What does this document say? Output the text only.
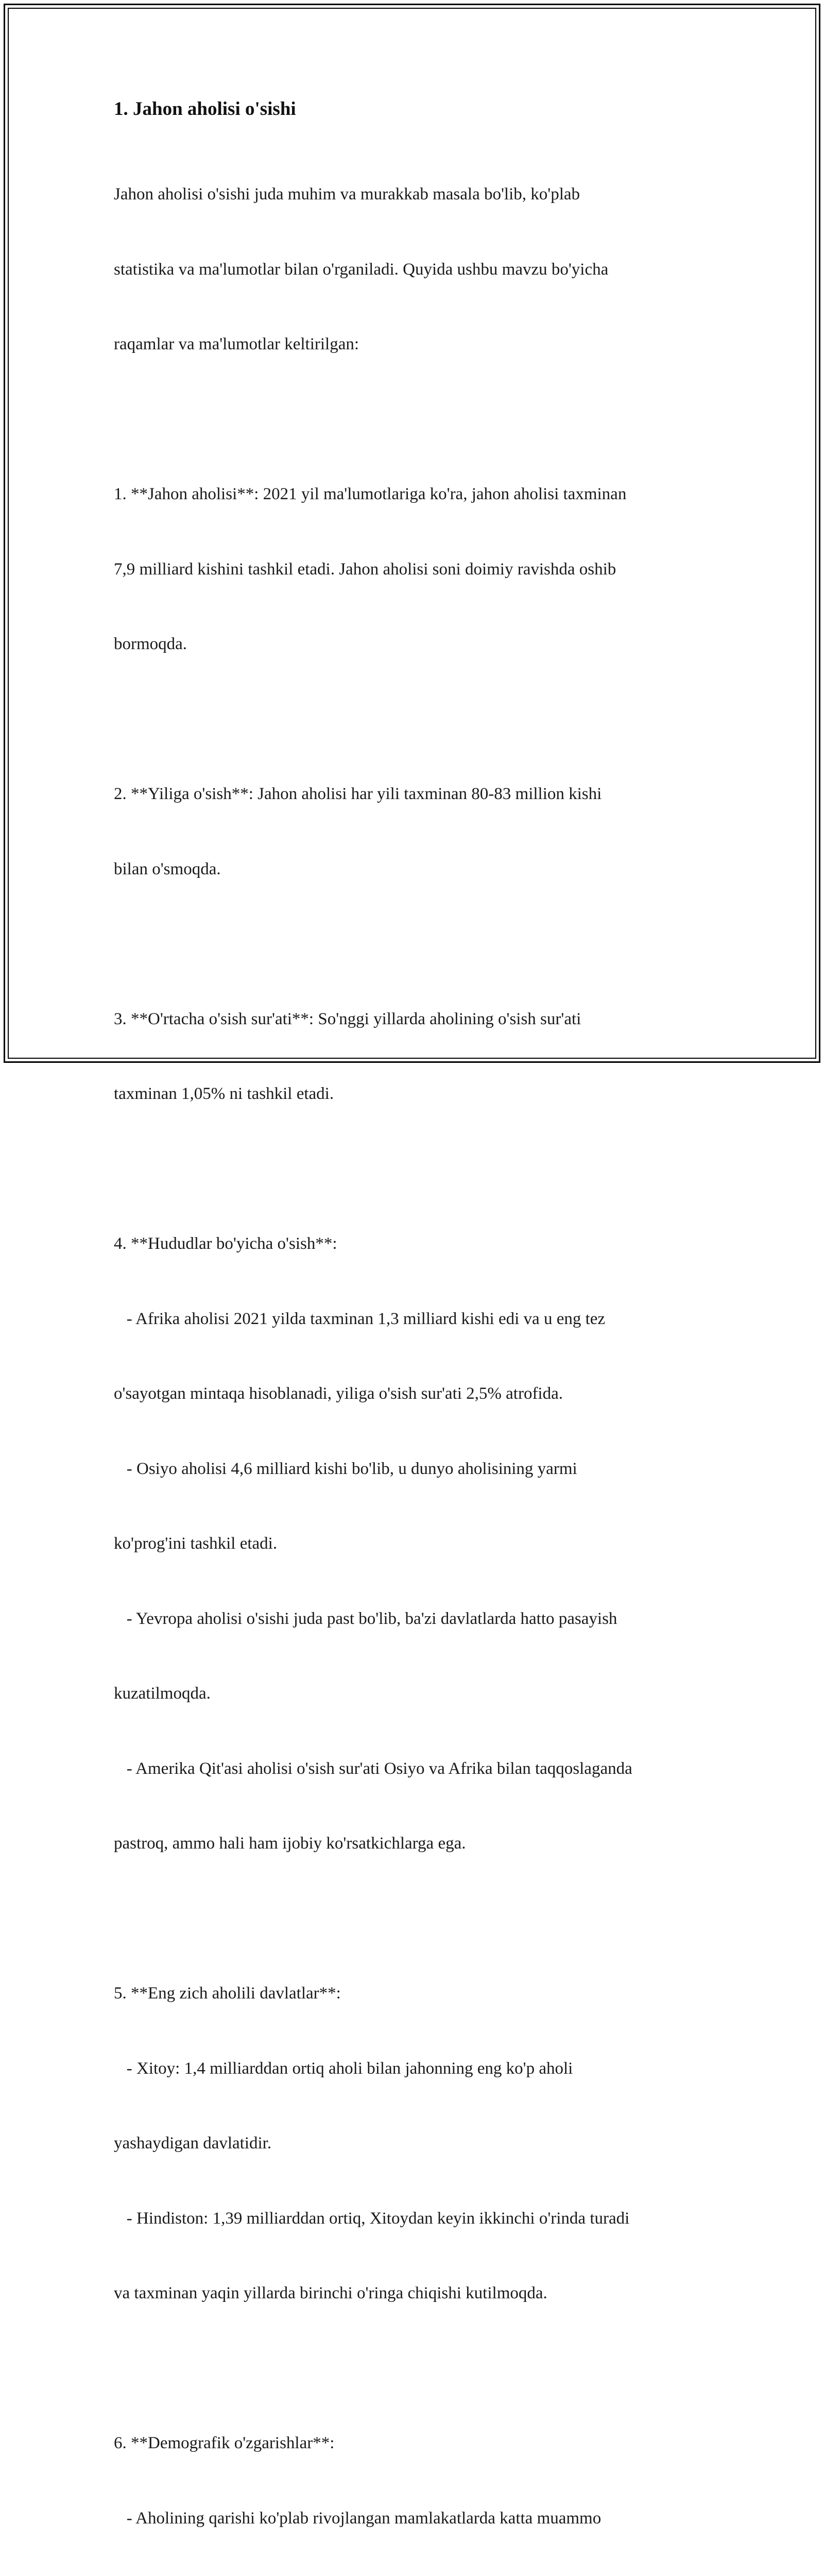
1. Jahon aholisi o'sishi

Jahon aholisi o'sishi juda muhim va murakkab masala bo'lib, ko'plab

statistika va ma'lumotlar bilan o'rganiladi. Quyida ushbu mavzu bo'yicha

raqamlar va ma'lumotlar keltirilgan:

1. **Jahon aholisi**: 2021 yil ma'lumotlariga ko'ra, jahon aholisi taxminan

7,9 milliard kishini tashkil etadi. Jahon aholisi soni doimiy ravishda oshib

bormoqda.

2. **Yiliga o'sish**: Jahon aholisi har yili taxminan 80-83 million kishi

bilan o'smoqda.

3. **O'rtacha o'sish sur'ati**: So'nggi yillarda aholining o'sish sur'ati

taxminan 1,05% ni tashkil etadi.

4. **Hududlar bo'yicha o'sish**:

- Afrika aholisi 2021 yilda taxminan 1,3 milliard kishi edi va u eng tez

o'sayotgan mintaqa hisoblanadi, yiliga o'sish sur'ati 2,5% atrofida.

- Osiyo aholisi 4,6 milliard kishi bo'lib, u dunyo aholisining yarmi

ko'prog'ini tashkil etadi.

- Yevropa aholisi o'sishi juda past bo'lib, ba'zi davlatlarda hatto pasayish

kuzatilmoqda.

- Amerika Qit'asi aholisi o'sish sur'ati Osiyo va Afrika bilan taqqoslaganda

pastroq, ammo hali ham ijobiy ko'rsatkichlarga ega.

5. **Eng zich aholili davlatlar**:

- Xitoy: 1,4 milliarddan ortiq aholi bilan jahonning eng ko'p aholi

yashaydigan davlatidir.

- Hindiston: 1,39 milliarddan ortiq, Xitoydan keyin ikkinchi o'rinda turadi

va taxminan yaqin yillarda birinchi o'ringa chiqishi kutilmoqda.

6. **Demografik o'zgarishlar**:

- Aholining qarishi ko'plab rivojlangan mamlakatlarda katta muammo
